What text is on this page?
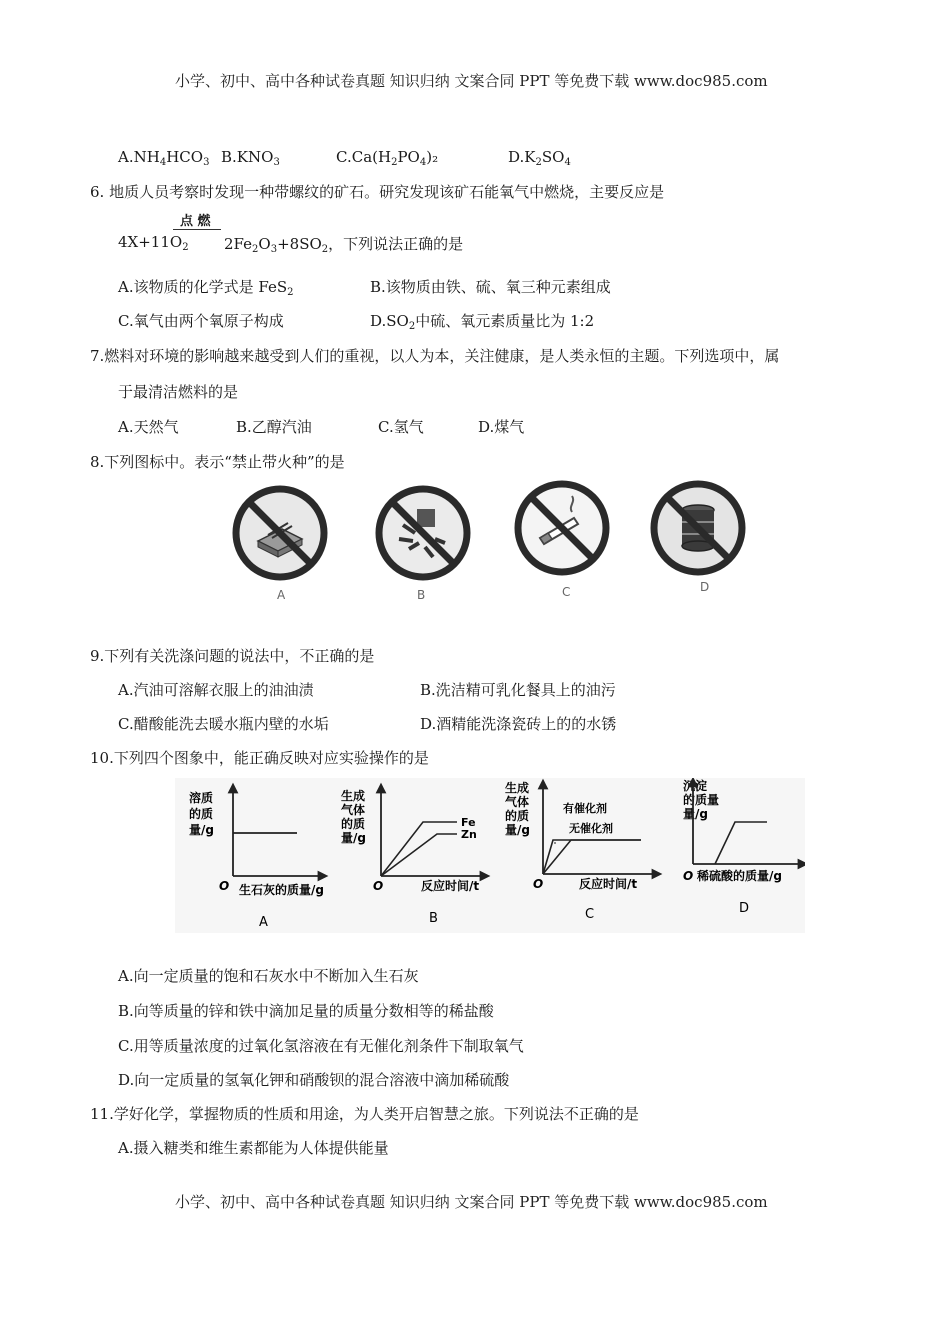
小学、初中、高中各种试卷真题 知识归纳 文案合同 PPT 等免费下载 www.doc985.com
$A.NH_4HCO_3$ $B.KNO_3$	$C.Ca(H_2PO_4)_2$	$D.K_2SO_4$
6. 地质人员考察时发现一种带螺纹的矿石。研究发现该矿石能氧气中燃烧，主要反应是
点 燃
$4X+11O_2$ $2Fe_2O_3+8SO_2$，下列说法正确的是
A.该物质的化学式是 FeS$_2$	B.该物质由铁、硫、氧三种元素组成
C.氧气由两个氧原子构成	$D.SO_2$中硫、氧元素质量比为 1:2
7.燃料对环境的影响越来越受到人们的重视，以人为本，关注健康，是人类永恒的主题。下列选项中，属
于最清洁燃料的是
A.天然气	B.乙醇汽油	C.氢气	D.煤气
8.下列图标中。表示“禁止带火种”的是
A	B	C	D
9.下列有关洗涤问题的说法中，不正确的是
A.汽油可溶解衣服上的油油渍	B.洗洁精可乳化餐具上的油污
C.醋酸能洗去暖水瓶内壁的水垢	D.酒精能洗涤瓷砖上的的水锈
10.下列四个图象中，能正确反映对应实验操作的是
溶质
的质
量/g
O 生石灰的质量/g
A
生成
气体
的质
量/g
Fe
Zn
O	反应时间/t
B
生成
气体
的质
量/g
有催化剂
无催化剂
O	反应时间/t
C
沉淀
的质量
量/g
O 稀硫酸的质量/g
D
A.向一定质量的饱和石灰水中不断加入生石灰
B.向等质量的锌和铁中滴加足量的质量分数相等的稀盐酸
C.用等质量浓度的过氧化氢溶液在有无催化剂条件下制取氧气
D.向一定质量的氢氧化钾和硝酸钡的混合溶液中滴加稀硫酸
11.学好化学，掌握物质的性质和用途，为人类开启智慧之旅。下列说法不正确的是
A.摄入糖类和维生素都能为人体提供能量
小学、初中、高中各种试卷真题 知识归纳 文案合同 PPT 等免费下载 www.doc985.com
